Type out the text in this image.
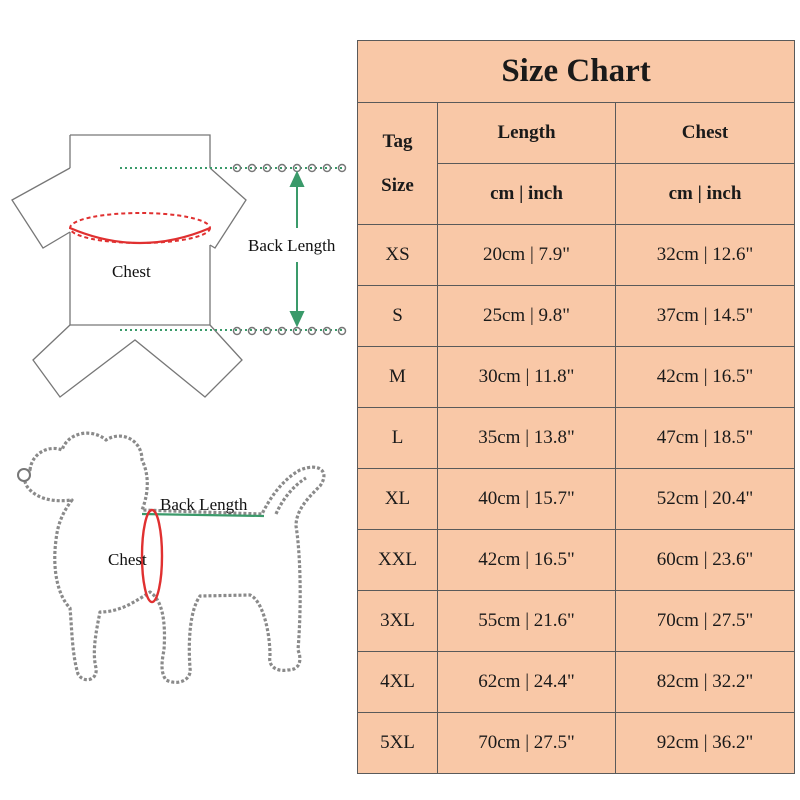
Chest
Back Length
Back Length
Chest
Size Chart		

Tag
Size	Length	Chest
	cm | inch	cm | inch
XS	20cm | 7.9"	32cm | 12.6"
S	25cm | 9.8"	37cm | 14.5"
M	30cm | 11.8"	42cm | 16.5"
L	35cm | 13.8"	47cm | 18.5"
XL	40cm | 15.7"	52cm | 20.4"
XXL	42cm | 16.5"	60cm | 23.6"
3XL	55cm | 21.6"	70cm | 27.5"
4XL	62cm | 24.4"	82cm | 32.2"
5XL	70cm | 27.5"	92cm | 36.2"
